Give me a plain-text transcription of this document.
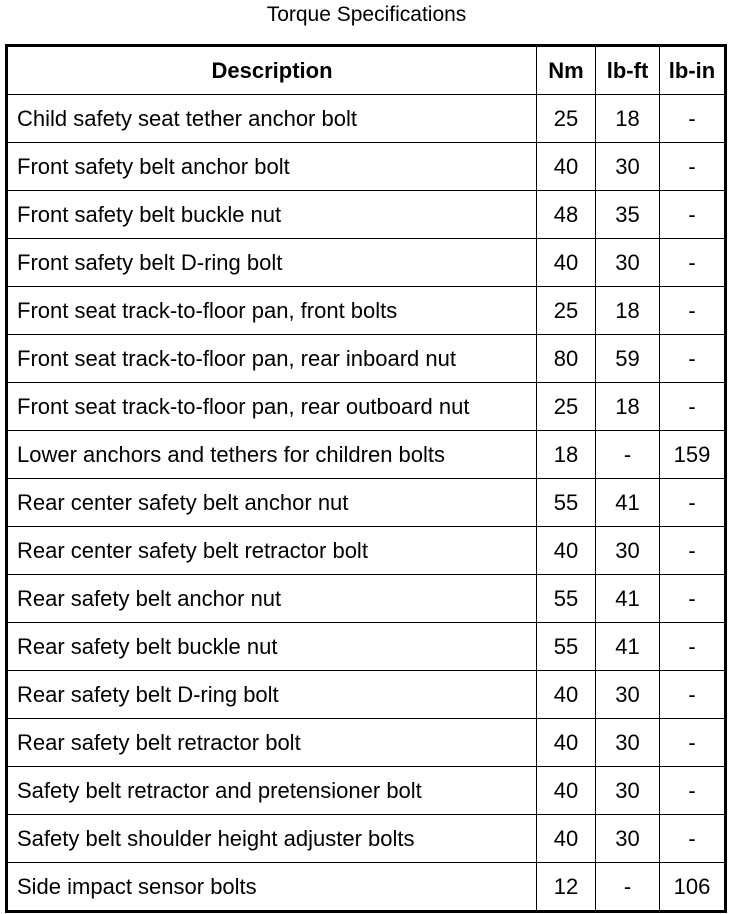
Torque Specifications
Description	Nm	lb-ft	lb-in
Child safety seat tether anchor bolt	25	18	-
Front safety belt anchor bolt	40	30	-
Front safety belt buckle nut	48	35	-
Front safety belt D-ring bolt	40	30	-
Front seat track-to-floor pan, front bolts	25	18	-
Front seat track-to-floor pan, rear inboard nut	80	59	-
Front seat track-to-floor pan, rear outboard nut	25	18	-
Lower anchors and tethers for children bolts	18	-	159
Rear center safety belt anchor nut	55	41	-
Rear center safety belt retractor bolt	40	30	-
Rear safety belt anchor nut	55	41	-
Rear safety belt buckle nut	55	41	-
Rear safety belt D-ring bolt	40	30	-
Rear safety belt retractor bolt	40	30	-
Safety belt retractor and pretensioner bolt	40	30	-
Safety belt shoulder height adjuster bolts	40	30	-
Side impact sensor bolts	12	-	106
